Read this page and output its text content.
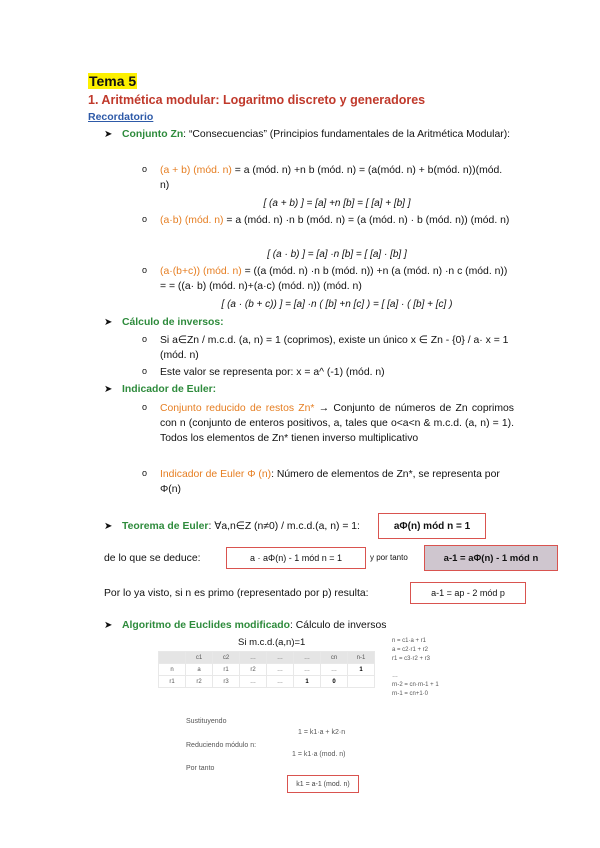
Tema 5
1. Aritmética modular: Logaritmo discreto y generadores
Recordatorio
➤ Conjunto Zn: “Consecuencias” (Principios fundamentales de la Aritmética Modular):
o (a + b) (mód. n) = a (mód. n) +n b (mód. n) = (a(mód. n) + b(mód. n))(mód. n)
[ (a + b) ] = [a] +n [b] = [ [a] + [b] ]
o (a·b) (mód. n) = a (mód. n) ·n b (mód. n) = (a (mód. n) · b (mód. n)) (mód. n)
[ (a · b) ] = [a] ·n [b] = [ [a] · [b] ]
o (a·(b+c)) (mód. n) = ((a (mód. n) ·n b (mód. n)) +n (a (mód. n) ·n c (mód. n)) = = ((a· b) (mód. n)+(a·c) (mód. n)) (mód. n)
[ (a · (b + c)) ] = [a] ·n ( [b] +n [c] ) = [ [a] · ( [b] + [c] )
➤ Cálculo de inversos:
o Si a∈Zn / m.c.d. (a, n) = 1 (coprimos), existe un único x ∈ Zn - {0} / a· x = 1 (mód. n)
o Este valor se representa por: x = a^ (-1) (mód. n)
➤ Indicador de Euler:
o Conjunto reducido de restos Zn* → Conjunto de números de Zn coprimos con n (conjunto de enteros positivos, a, tales que o<a<n & m.c.d. (a, n) = 1). Todos los elementos de Zn* tienen inverso multiplicativo
o Indicador de Euler Φ (n): Número de elementos de Zn*, se representa por Φ(n)
➤ Teorema de Euler: ∀a,n∈Z (n≠0) / m.c.d.(a, n) = 1:	aΦ(n) mód n = 1
de lo que se deduce:	a · aΦ(n) - 1 mód n = 1	y por tanto	a-1 = aΦ(n) - 1 mód n
Por lo ya visto, si n es primo (representado por p) resulta:	a-1 = ap - 2 mód p
➤ Algoritmo de Euclides modificado: Cálculo de inversos
Si m.c.d.(a,n)=1
	c1	c2	…	…	…	cn	n-1
n	a	r1	r2	…	…	…	1
r1	r2	r3	…	…	1	0	
n = c1·a + r1
a = c2·r1 + r2
r1 = c3·r2 + r3
…
rn-2 = cn·rn-1 + 1
rn-1 = cn+1·0
Sustituyendo
1 = k1·a + k2·n
Reduciendo módulo n:
1 = k1·a (mod. n)
Por tanto
k1 = a-1 (mod. n)
